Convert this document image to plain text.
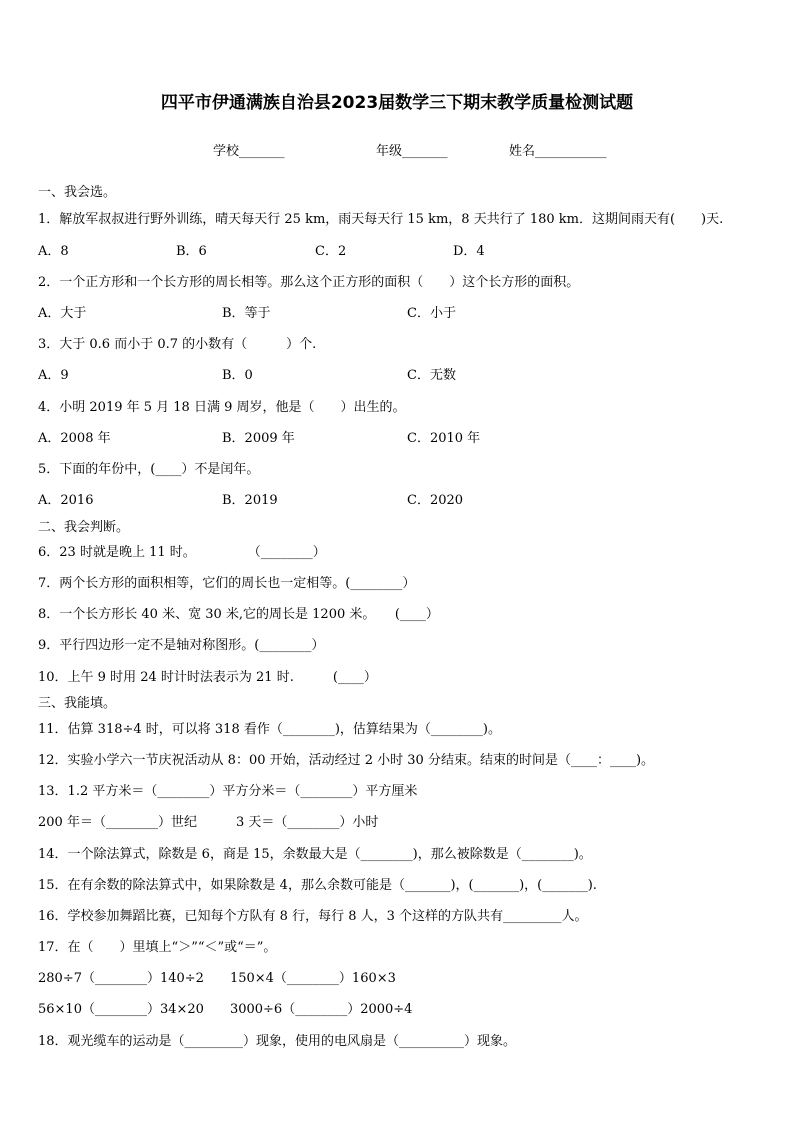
四平市伊通满族自治县2023届数学三下期末教学质量检测试题
学校_______	年级_______	姓名___________
一、我会选。
1．解放军叔叔进行野外训练，晴天每天行 25 km，雨天每天行 15 km，8 天共行了 180 km．这期间雨天有(　　)天.
A．8	B．6	C．2	D．4
2．一个正方形和一个长方形的周长相等。那么这个正方形的面积（　　）这个长方形的面积。
A．大于	B．等于	C．小于
3．大于 0.6 而小于 0.7 的小数有（　　　）个.
A．9	B．0	C．无数
4．小明 2019 年 5 月 18 日满 9 周岁，他是（　　）出生的。
A．2008 年	B．2009 年	C．2010 年
5．下面的年份中，(____）不是闰年。
A．2016	B．2019	C．2020
二、我会判断。
6．23 时就是晚上 11 时。　　　　　（________）
7．两个长方形的面积相等，它们的周长也一定相等。(________）
8．一个长方形长 40 米、宽 30 米,它的周长是 1200 米。　　(____）
9．平行四边形一定不是轴对称图形。(________）
10．上午 9 时用 24 时计时法表示为 21 时.　　　(____）
三、我能填。
11．估算 318÷4 时，可以将 318 看作（________)，估算结果为（________)。
12．实验小学六一节庆祝活动从 8：00 开始，活动经过 2 小时 30 分结束。结束的时间是（____：____)。
13．1.2 平方米＝（________）平方分米＝（________）平方厘米
200 年＝（________）世纪　　　3 天＝（________）小时
14．一个除法算式，除数是 6，商是 15，余数最大是（________)，那么被除数是（________)。
15．在有余数的除法算式中，如果除数是 4，那么余数可能是（_______)，(_______)，(_______).
16．学校参加舞蹈比赛，已知每个方队有 8 行，每行 8 人，3 个这样的方队共有_________人。
17．在（　　）里填上“＞”“＜”或“＝”。
280÷7（________）140÷2　　150×4（________）160×3
56×10（________）34×20　　3000÷6（________）2000÷4
18．观光缆车的运动是（_________）现象，使用的电风扇是（__________）现象。
